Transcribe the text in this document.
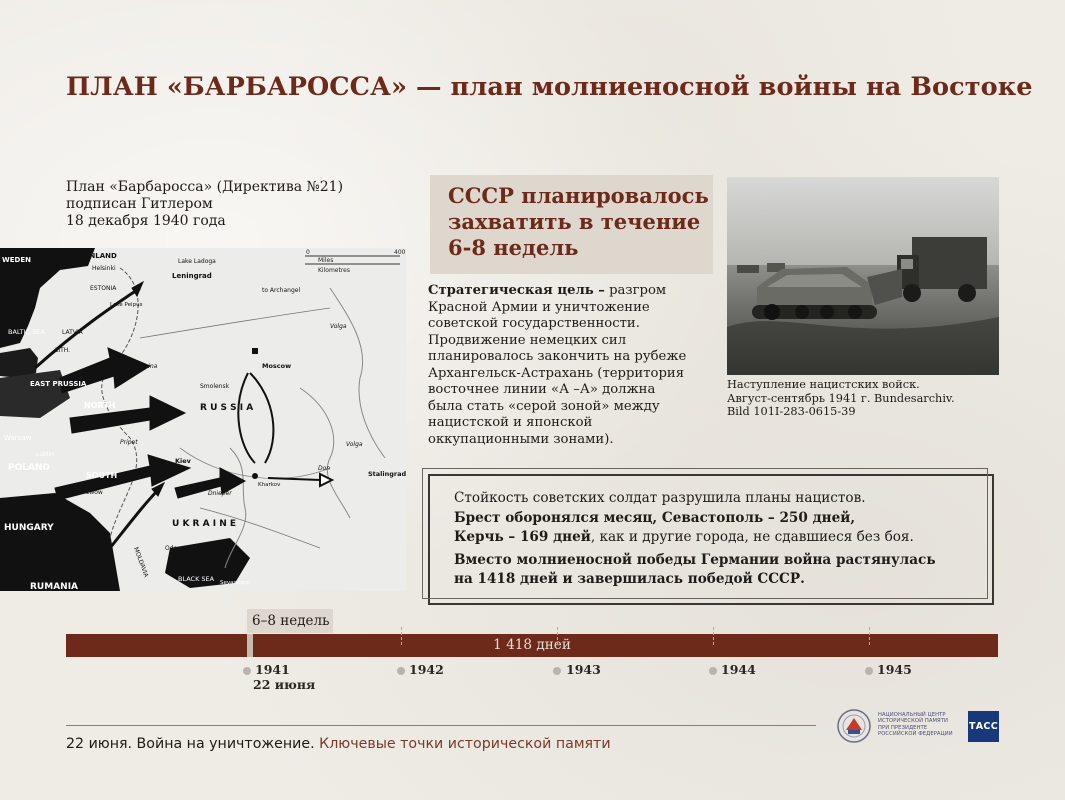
ПЛАН «БАРБАРОССА» — план молниеносной войны на Востоке
План «Барбаросса» (Директива №21)
подписан Гитлером
18 декабря 1940 года
0	400
Miles
Kilometres
WEDEN	FINLAND
Helsinki
Lake Ladoga
Leningrad
ESTONIA
Lake Peipus
to Archangel
BALTIC SEA	LATVIA
LITH.
EAST PRUSSIA
NORTH
Smolensk
Moscow
Volga
Dvina
R U S S I A
RUSSIA
Pripet
Warsaw
Lublin
POLAND
SOUTH
Lwow
Kiev
Kharkov
Don
Volga
Stalingrad
Dnieper
HUNGARY
MOLDAVIA
U K R A I N E
Odessa
BLACK SEA
RUMANIA	Sevastopol
СССР планировалось
захватить в течение
6-8 недель
Стратегическая цель – разгром
Красной Армии и уничтожение
советской государственности.
Продвижение немецких сил
планировалось закончить на рубеже
Архангельск-Астрахань (территория
восточнее линии «А –А» должна
была стать «серой зоной» между
нацистской и японской
оккупационными зонами).
Наступление нацистских войск.
Август-сентябрь 1941 г. Bundesarchiv.
Bild 101I-283-0615-39
Стойкость советских солдат разрушила планы нацистов.
Брест оборонялся месяц, Севастополь – 250 дней,
Керчь – 169 дней, как и другие города, не сдавшиеся без боя.
Вместо молниеносной победы Германии война растянулась
на 1418 дней и завершилась победой СССР.
6–8 недель
1 418 дней
1941
22 июня
1942	1943	1944	1945
22 июня. Война на уничтожение. Ключевые точки исторической памяти
НАЦИОНАЛЬНЫЙ ЦЕНТР
ИСТОРИЧЕСКОЙ ПАМЯТИ
ПРИ ПРЕЗИДЕНТЕ
РОССИЙСКОЙ ФЕДЕРАЦИИ
ТАСС
